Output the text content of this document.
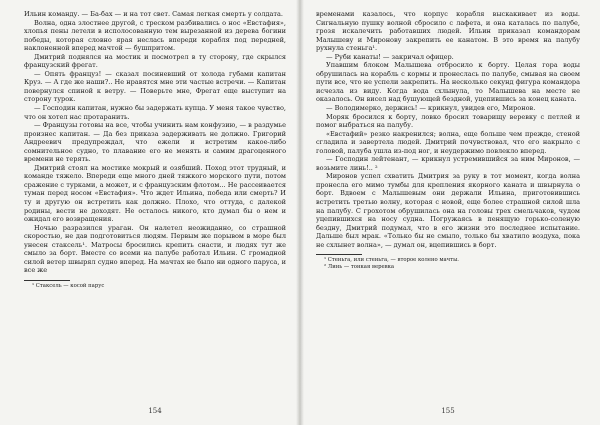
Ильин команду. — Ба-бах — и на тот свет. Самая легкая смерть у солдата.

Волна, одна злостнее другой, с треском разбивались о нос «Евстафия», хлопья пены летели в исполосованную тем вырезанной из дерева богини победы, которая словно ярая неслась впереди корабля под передней, наклоненной вперед мачтой — бушпритом.

Дмитрий поднялся на мостик и посмотрел в ту сторону, где скрылся французский фрегат.

— Опять француз! — сказал посиневший от холода губами капитан Круз. — А где же наши?.. Не нравятся мне эти частые встречи. — Капитан повернулся спиной к ветру. — Поверьте мне, Фрегат еще выступит на сторону турок.

— Господин капитан, нужно бы задержать купца. У меня такое чувство, что он хотел нас протаранить.

— Французы готовы на все, чтобы учинить нам конфузию, — в раздумье произнес капитан. — Да без приказа задерживать не должно. Григорий Андреевич предупреждал, что ежели и встретим какое-либо сомнительное судно, то плавание его не менять и самим драгоценного времени не терять.

Дмитрий стоял на мостике мокрый и озябший. Поход этот трудный, и команде тяжело. Впереди еще много дней тяжкого морского пути, потом сражение с турками, а может, и с французским флотом... Не рассеивается туман перед носом «Евстафия». Что ждет Ильина, победа или смерть? И ту и другую он встретить как должно. Плохо, что оттуда, с далекой родины, вести не доходят. Не осталось никого, кто думал бы о нем и ожидал его возвращения.

Ночью разразился ураган. Он налетел неожиданно, со страшной скоростью, не дав подготовиться людям. Первым же порывом в море был унесен стаксель¹. Матросы бросились крепить снасти, и людях тут же смыло за борт. Вместе со всеми на палубе работал Ильин. С громадной силой ветер швырял судно вперед. На мачтах не было ни одного паруса, и все же

¹ Стаксель — косой парус

154

временами казалось, что корпус корабля выскакивает из воды. Сигнальную пушку волной сбросило с лафета, и она каталась по палубе, грозя искалечить работавших людей. Ильин приказал командорам Малышеву и Миронову закрепить ее канатом. В это время на палубу рухнула стеньга¹.

— Руби канаты! — закричал офицер.

Упавшим блоком Малышева отбросило к борту. Целая гора воды обрушилась на корабль с кормы и пронеслась по палубе, смывая на своем пути все, что не успели закрепить. На несколько секунд фигура командора исчезла из виду. Когда вода схлынула, то Малышева на месте не оказалось. Он висел над бушующей бездной, уцепившись за конец каната.

— Володимерко, держись! — крикнул, увидев его, Миронов.

Моряк бросился к борту, ловко бросил товарищу веревку с петлей и помог выбраться на палубу.

«Евстафий» резко накренился; волна, еще больше чем прежде, стеной сгладила и завертела людей. Дмитрий почувствовал, что его накрыло с головой, палуба ушла из-под ног, и неудержимо повлекло вперед.

— Господин лейтенант, — крикнул устремившийся за ним Миронов, — возьмите линь!.. ²

Миронов успел схватить Дмитрия за руку в тот момент, когда волна пронесла его мимо тумбы для крепления якорного каната и швырнула о борт. Вдвоем с Малышевым они держали Ильина, приготовившись встретить третью волну, которая с новой, еще более страшной силой шла на палубу. С грохотом обрушилась она на головы трех смельчаков, чудом уцепившихся на носу судна. Погружаясь в пенящую горько-соленую бездну, Дмитрий подумал, что в его жизни это последнее испытание. Дальше был мрак. «Только бы не смыло, только бы хватило воздуха, пока не схлынет волна», — думал он, вцепившись в борт.

¹ Стеньга, или стеньга, — второе колено мачты.

² Линь — тонкая веревка

155
